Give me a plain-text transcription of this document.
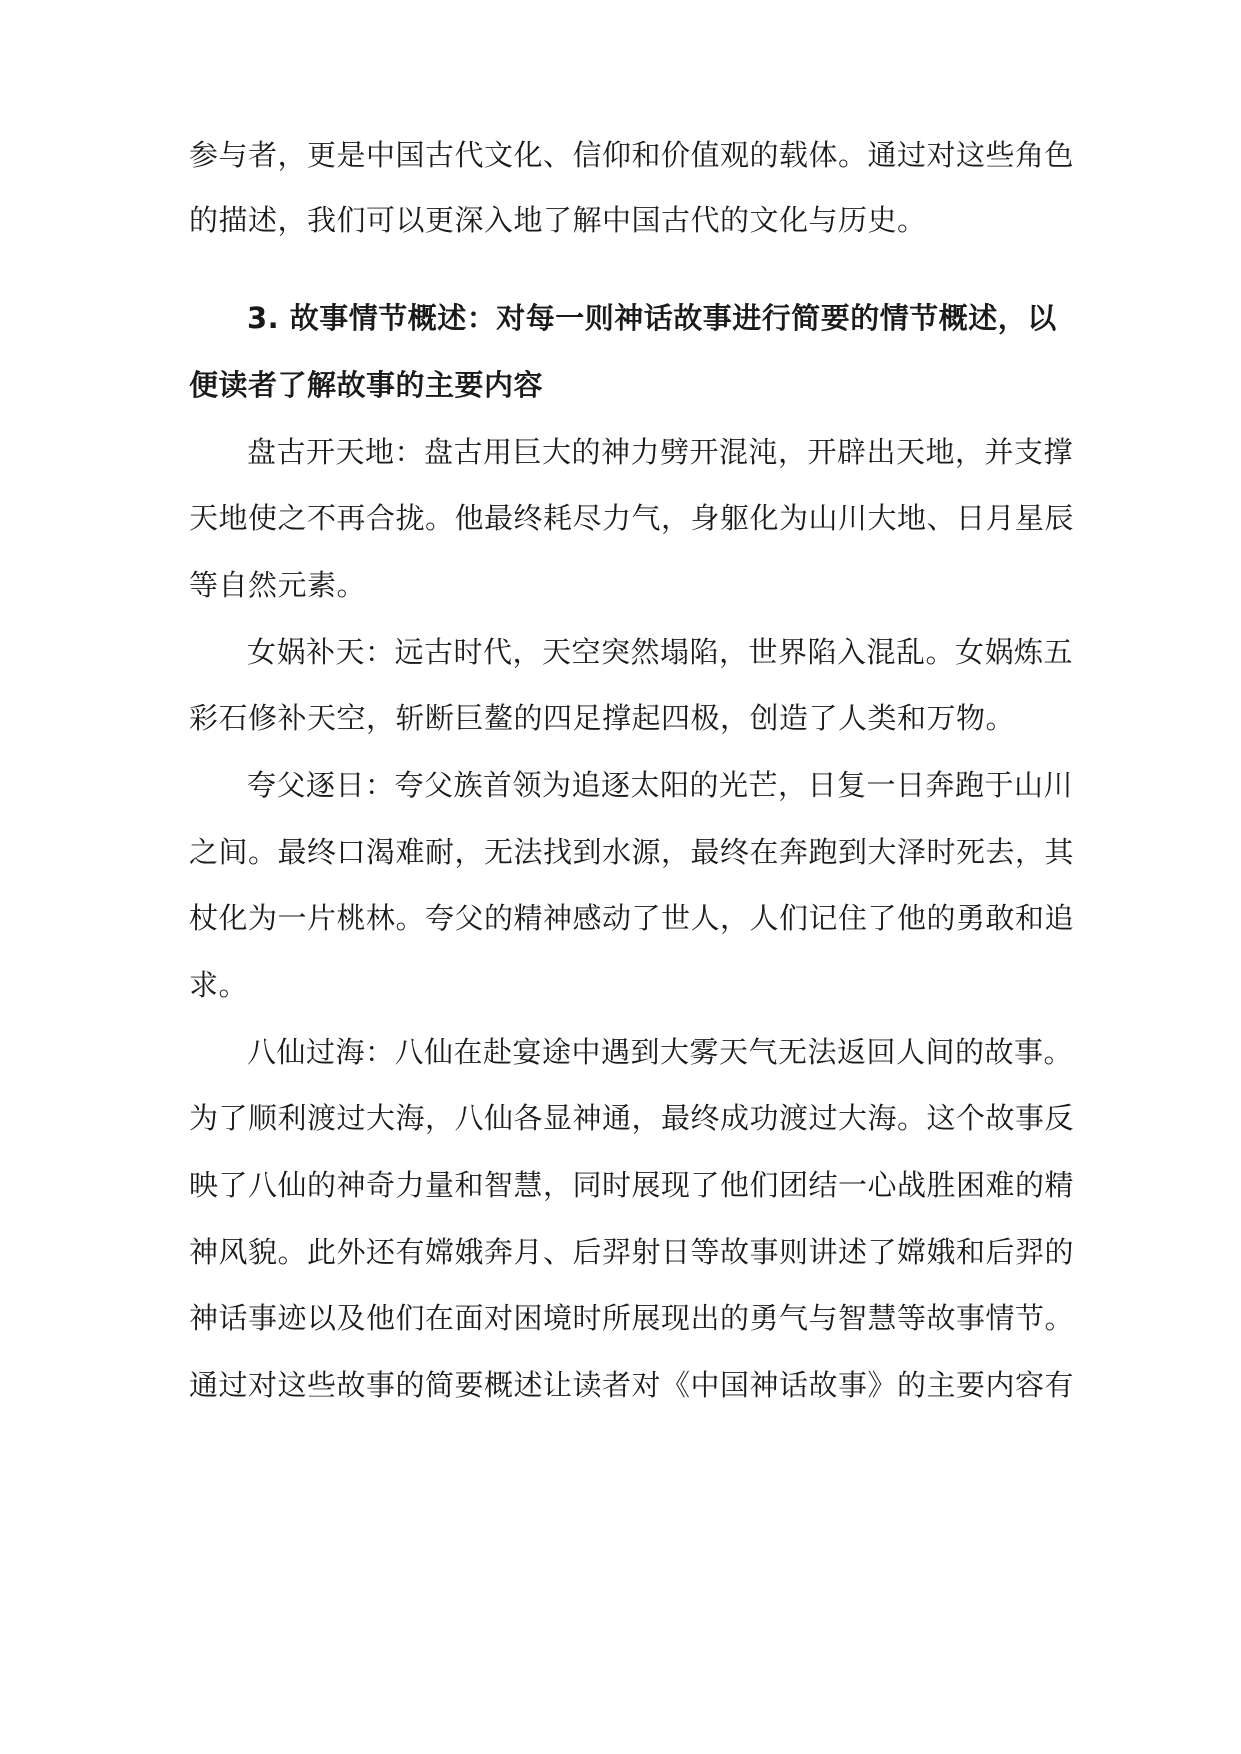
参与者，更是中国古代文化、信仰和价值观的载体。通过对这些角色
的描述，我们可以更深入地了解中国古代的文化与历史。
3. 故事情节概述：对每一则神话故事进行简要的情节概述，以
便读者了解故事的主要内容
盘古开天地：盘古用巨大的神力劈开混沌，开辟出天地，并支撑
天地使之不再合拢。他最终耗尽力气，身躯化为山川大地、日月星辰
等自然元素。
女娲补天：远古时代，天空突然塌陷，世界陷入混乱。女娲炼五
彩石修补天空，斩断巨鳌的四足撑起四极，创造了人类和万物。
夸父逐日：夸父族首领为追逐太阳的光芒，日复一日奔跑于山川
之间。最终口渴难耐，无法找到水源，最终在奔跑到大泽时死去，其
杖化为一片桃林。夸父的精神感动了世人，人们记住了他的勇敢和追
求。
八仙过海：八仙在赴宴途中遇到大雾天气无法返回人间的故事。
为了顺利渡过大海，八仙各显神通，最终成功渡过大海。这个故事反
映了八仙的神奇力量和智慧，同时展现了他们团结一心战胜困难的精
神风貌。此外还有嫦娥奔月、后羿射日等故事则讲述了嫦娥和后羿的
神话事迹以及他们在面对困境时所展现出的勇气与智慧等故事情节。
通过对这些故事的简要概述让读者对《中国神话故事》的主要内容有
